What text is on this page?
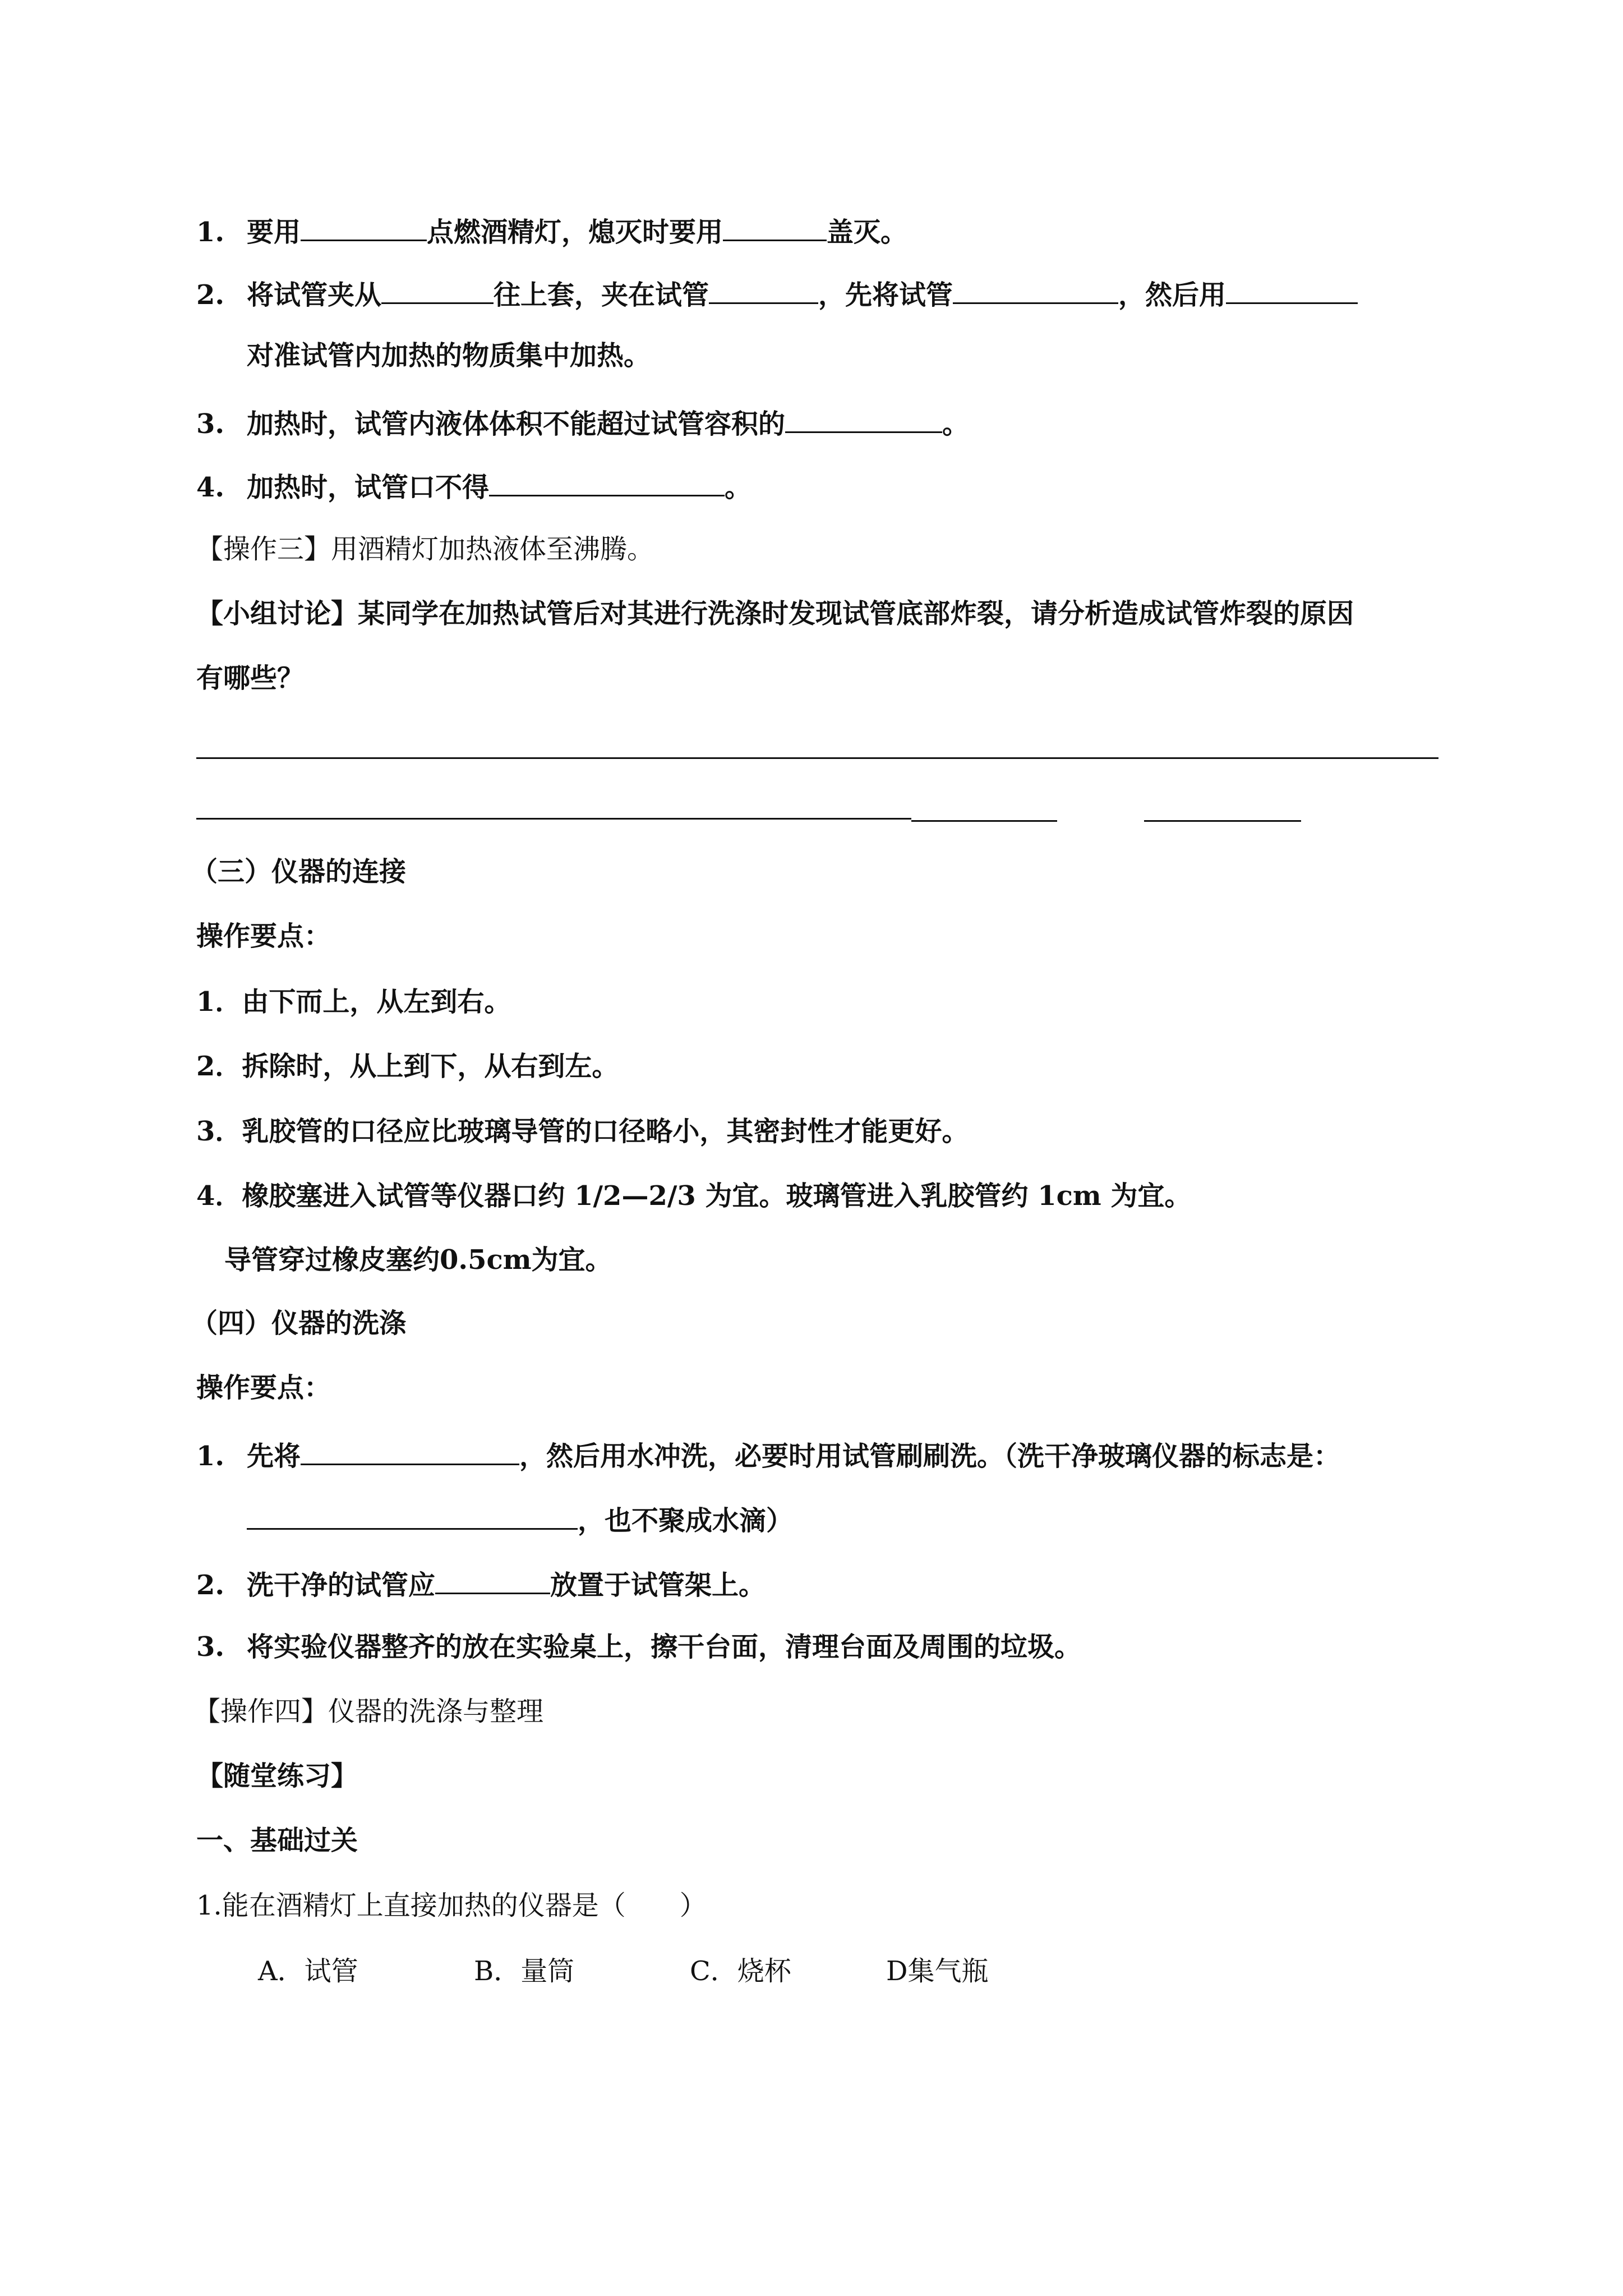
1. 要用	点燃酒精灯，熄灭时要用	盖灭。
2. 将试管夹从	往上套，夹在试管	，先将试管	，然后用
对准试管内加热的物质集中加热。
3. 加热时，试管内液体体积不能超过试管容积的	。
4. 加热时，试管口不得	。
【操作三】用酒精灯加热液体至沸腾。
【小组讨论】某同学在加热试管后对其进行洗涤时发现试管底部炸裂，请分析造成试管炸裂的原因
有哪些？
（三）仪器的连接
操作要点：
1．由下而上，从左到右。
2．拆除时，从上到下，从右到左。
3．乳胶管的口径应比玻璃导管的口径略小，其密封性才能更好。
4．橡胶塞进入试管等仪器口约 1/2—2/3 为宜。玻璃管进入乳胶管约 1cm 为宜。
导管穿过橡皮塞约0.5cm为宜。
（四）仪器的洗涤
操作要点：
1. 先将	，然后用水冲洗，必要时用试管刷刷洗。（洗干净玻璃仪器的标志是：
，也不聚成水滴）
2. 洗干净的试管应	放置于试管架上。
3. 将实验仪器整齐的放在实验桌上，擦干台面，清理台面及周围的垃圾。
【操作四】仪器的洗涤与整理
【随堂练习】
一、基础过关
1.能在酒精灯上直接加热的仪器是（　　）
A．试管	B．量筒	C．烧杯	D集气瓶
